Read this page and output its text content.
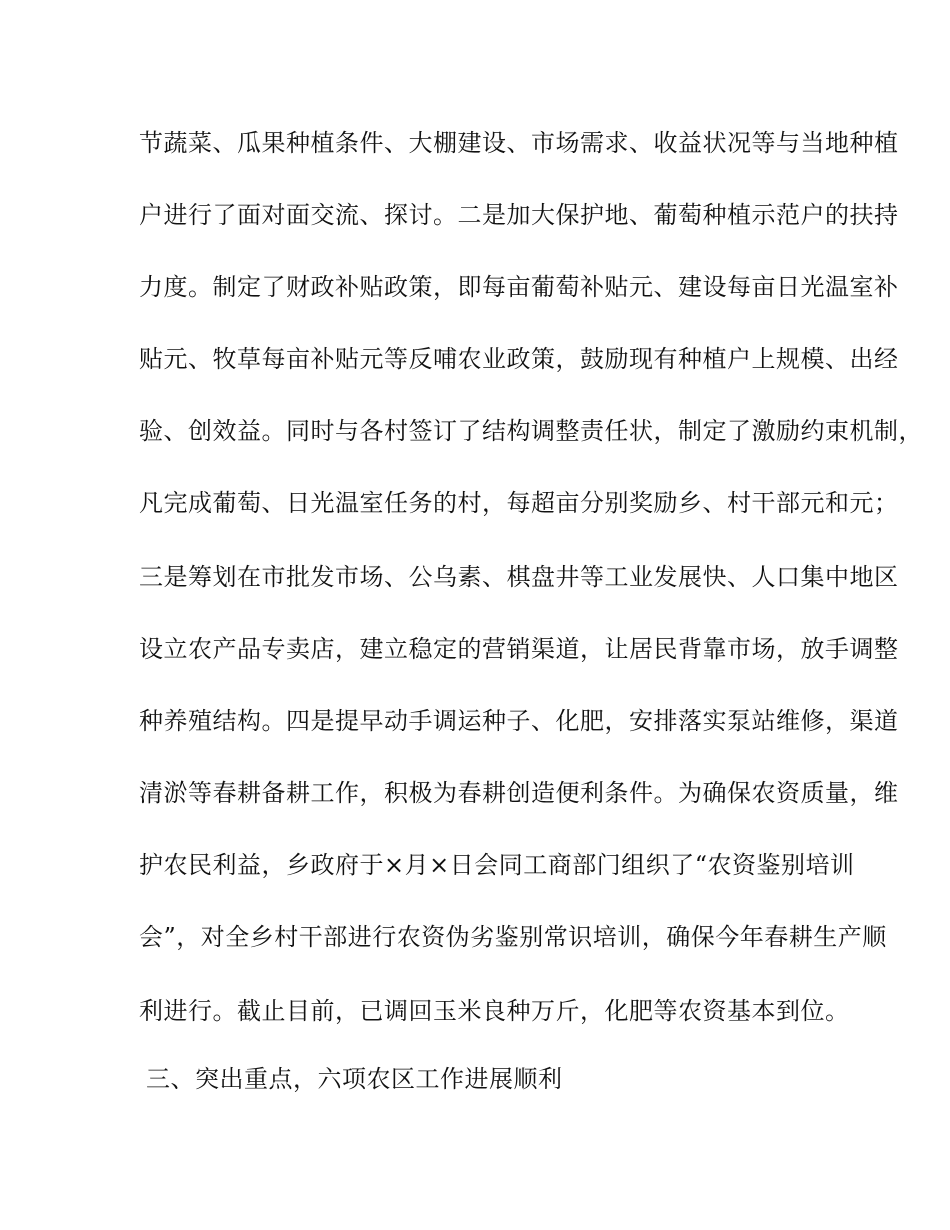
节蔬菜、瓜果种植条件、大棚建设、市场需求、收益状况等与当地种植
户进行了面对面交流、探讨。二是加大保护地、葡萄种植示范户的扶持
力度。制定了财政补贴政策，即每亩葡萄补贴元、建设每亩日光温室补
贴元、牧草每亩补贴元等反哺农业政策，鼓励现有种植户上规模、出经
验、创效益。同时与各村签订了结构调整责任状，制定了激励约束机制，
凡完成葡萄、日光温室任务的村，每超亩分别奖励乡、村干部元和元；
三是筹划在市批发市场、公乌素、棋盘井等工业发展快、人口集中地区
设立农产品专卖店，建立稳定的营销渠道，让居民背靠市场，放手调整
种养殖结构。四是提早动手调运种子、化肥，安排落实泵站维修，渠道
清淤等春耕备耕工作，积极为春耕创造便利条件。为确保农资质量，维
护农民利益，乡政府于×月×日会同工商部门组织了“农资鉴别培训
会”，对全乡村干部进行农资伪劣鉴别常识培训，确保今年春耕生产顺
利进行。截止目前，已调回玉米良种万斤，化肥等农资基本到位。
三、突出重点，六项农区工作进展顺利
